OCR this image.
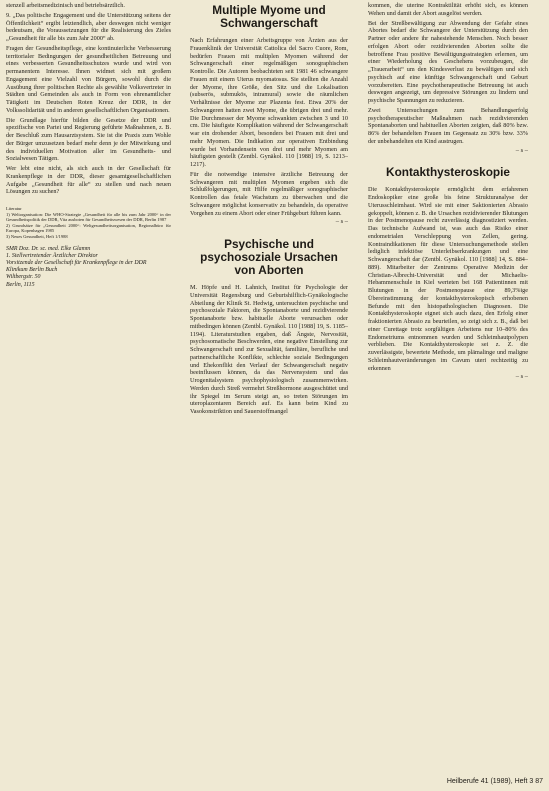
stenzell arbeitsmedizinisch und betriebsärztlich.

9. „Das politische Engagement und die Unterstützung seitens der Öffentlichkeit“ ergibt letztendlich, aber deswegen nicht weniger bedeutsam, die Voraussetzungen für die Realisierung des Zieles „Gesundheit für alle bis zum Jahr 2000“ ab.

Fragen der Gesundheitspflege, eine kontinuierliche Verbesserung territorialer Bedingungen der gesundheitlichen Betreuung und eines verbesserten Gesundheitsschutzes wurde und wird von permanentem Interesse. Ihnen widmet sich mit großem Engagement eine Vielzahl von Bürgern, sowohl durch die Ausübung ihrer politischen Rechte als gewählte Volksvertreter in Städten und Gemeinden als auch in Form von ehrenamtlicher Tätigkeit im Deutschen Roten Kreuz der DDR, in der Volkssolidarität und in anderen gesellschaftlichen Organisationen.

Die Grundlage hierfür bilden die Gesetze der DDR und spezifische von Partei und Regierung geführte Maßnahmen, z. B. der Beschluß zum Hausarztsystem. Sie ist die Praxis zum Wohle der Bürger umzusetzen bedarf mehr denn je der Mitwirkung und des individuellen Motivation aller im Gesundheits- und Sozialwesen Tätigen.

Wer lebt eine nicht, als sich auch in der Gesellschaft für Krankenpflege in der DDR, dieser gesamtgesellschaftlichen Aufgabe „Gesundheit für alle“ zu stellen und nach neuen Lösungen zu suchen?

Literatur
1) Weltorganisation: Die WHO-Strategie „Gesundheit für alle bis zum Jahr 2000“ in der Gesundheitspolitik der DDR, Vita ausboten für Gesundheitswesen der DDR, Berlin 1987
2) Grundsätze für „Gesundheit 2000“: Weltgesundheitsorganisation, Regionalbüro für Europa, Kopenhagen 1985
3) Neues Gesundheit, Heft 1/1988
SMR Doz. Dr. sc. med. Elke Glamm
1. Stellvertretender Ärztlicher Direktor
Vorsitzende der Gesellschaft für Krankenpflege in der DDR
Klinikum Berlin Buch
Wiltbergstr. 50
Berlin, 1115
Multiple Myome und Schwangerschaft

Nach Erfahrungen einer Arbeitsgruppe von Ärzten aus der Frauenklinik der Universität Cattolica del Sacro Cuore, Rom, bedürfen Frauen mit multiplen Myomen während der Schwangerschaft einer regelmäßigen sonographischen Kontrolle. Die Autoren beobachteten seit 1981 46 schwangere Frauen mit einem Uterus myomatosus. Sie stellten die Anzahl der Myome, ihre Größe, den Sitz und die Lokalisation (subserös, submukös, intramural) sowie die räumlichen Verhältnisse der Myome zur Plazenta fest. Etwa 20% der Schwangeren hatten zwei Myome, die übrigen drei und mehr. Die Durchmesser der Myome schwankten zwischen 3 und 10 cm. Die häufigste Komplikation während der Schwangerschaft war ein drohender Abort, besonders bei Frauen mit drei und mehr Myomen. Die Indikation zur operativen Entbindung wurde bei Vorhandensein von drei und mehr Myomen am häufigsten gestellt (Zentbl. Gynäkol. 110 [1988] 19, S. 1213–1217).

Für die notwendige intensive ärztliche Betreuung der Schwangeren mit multiplen Myomen ergeben sich die Schlußfolgerungen, mit Hilfe regelmäßiger sonographischer Kontrollen das fetale Wachstum zu überwachen und die Schwangere möglichst konservativ zu behandeln, da operative Vorgehen zu einem Abort oder einer Frühgeburt führen kann.

– s –
Psychische und psychosoziale Ursachen von Aborten

M. Höpfe und H. Lahnich, Institut für Psychologie der Universität Regensburg und Geburtshilflich-Gynäkologische Abteilung der Klinik St. Hedwig, untersuchten psychische und psychosoziale Faktoren, die Spontanaborte und rezidivierende Spontanaborte bzw. habituelle Aborte verursachen oder mitbedingen können (Zentbl. Gynäkol. 110 [1988] 19, S. 1185–1194). Literaturstudien ergaben, daß Ängste, Nervosität, psychosomatische Beschwerden, eine negative Einstellung zur Schwangerschaft und zur Sexualität, familiäre, berufliche und partnerschaftliche Konflikte, schlechte soziale Bedingungen und Ehekonflikt den Verlauf der Schwangerschaft negativ beeinflussen können, da das Nervensystem und das Urogenitalsystem psychophysiologisch zusammenwirken. Werden durch Streß vermehrt Streßhormone ausgeschüttet und ihr Spiegel im Serum steigt an, so treten Störungen im uteroplazentaren Bereich auf. Es kann beim Kind zu Vasokonstriktion und Sauerstoffmangel

kommen, die uterine Kontraktilität erhöht sich, es können Wehen und damit der Abort ausgelöst werden.

Bei der Streßbewältigung zur Abwendung der Gefahr eines Abortes bedarf die Schwangere der Unterstützung durch den Partner oder andere ihr nahestehende Menschen. Noch besser erfolgen Abort oder rezidivierenden Aborten sollte die betroffene Frau positive Bewältigungsstrategien erlernen, um einer Wiederholung des Geschehens vorzubeugen, die „Trauerarbeit“ um den Kindesverlust zu bewältigen und sich psychisch auf eine künftige Schwangerschaft und Geburt vorzubereiten. Eine psychotherapeutische Betreuung ist auch deswegen angezeigt, um depressive Störungen zu lindern und psychische Spannungen zu reduzieren.

Zwei Untersuchungen zum Behandlungserfolg psychotherapeutischer Maßnahmen nach rezidivierenden Spontanaborten und habituellen Aborten zeigten, daß 80% bzw. 86% der behandelten Frauen im Gegensatz zu 30% bzw. 33% der unbehandelten ein Kind austrugen.

– s –
Kontakthysteroskopie

Die Kontakthysteroskopie ermöglicht dem erfahrenen Endoskopiker eine große bis feine Strukturanalyse der Uterusschleimhaut. Wird sie mit einer Saktionierten Abrasio gekoppelt, können z. B. die Ursachen rezidivierender Blutungen in der Postmenopause recht zuverlässig diagnostiziert werden. Das technische Aufwand ist, was auch das Risiko einer endometrialen Verschleppung von Zellen, gering. Kontraindikationen für diese Untersuchungsmethode stellen lediglich infektiöse Unterleibserkrankungen und eine Schwangerschaft dar (Zentbl. Gynäkol. 110 [1988] 14, S. 884–889). Mitarbeiter der Zentrums Operative Medizin der Christian-Albrecht-Universität und der Michaelis-Hebammenschule in Kiel werteten bei 168 Patientinnen mit Blutungen in der Postmenopause eine 89,3%ige Übereinstimmung der kontakthysteroskopisch erhobenen Befunde mit den histopathologischen Diagnosen. Die Kontakthysteroskopie eignet sich auch dazu, den Erfolg einer fraktionierten Abrasio zu beurteilen, so zeigt sich z. B., daß bei einer Curettage trotz sorgfältigen Arbeitens nur 10–80% des Endometriums entnommen wurden und Schleimhautpolypen verblieben. Die Kontakthysteroskopie sei z. Z. die zuverlässigste, bewertete Methode, um plämalinge und maligne Schleimhautveränderungen im Cavum uteri rechtzeitig zu erkennen

– s –
Heilberufe 41 (1989), Heft 3 87
